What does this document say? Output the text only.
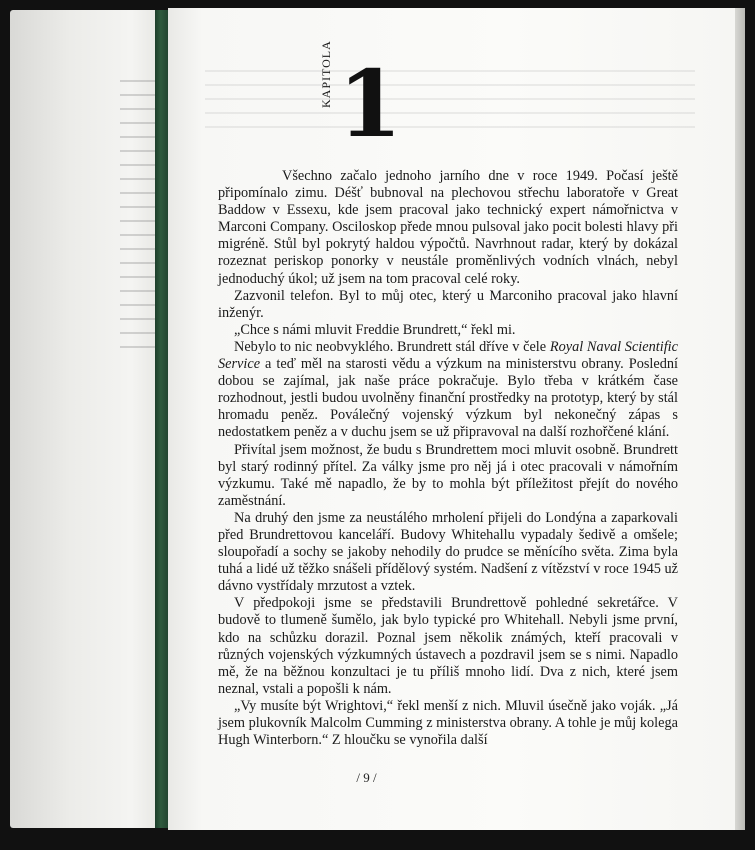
KAPITOLA 1

Všechno začalo jednoho jarního dne v roce 1949. Počasí ještě připomínalo zimu. Déšť bubnoval na plechovou střechu laboratoře v Great Baddow v Essexu, kde jsem pracoval jako technický expert námořnictva v Marconi Company. Osciloskop přede mnou pulsoval jako pocit bolesti hlavy při migréně. Stůl byl pokrytý haldou výpočtů. Navrhnout radar, který by dokázal rozeznat periskop ponorky v neustále proměnlivých vodních vlnách, nebyl jednoduchý úkol; už jsem na tom pracoval celé roky.

Zazvonil telefon. Byl to můj otec, který u Marconiho pracoval jako hlavní inženýr.

„Chce s námi mluvit Freddie Brundrett,“ řekl mi.

Nebylo to nic neobvyklého. Brundrett stál dříve v čele Royal Naval Scientific Service a teď měl na starosti vědu a výzkum na ministerstvu obrany. Poslední dobou se zajímal, jak naše práce pokračuje. Bylo třeba v krátkém čase rozhodnout, jestli budou uvolněny finanční prostředky na prototyp, který by stál hromadu peněz. Poválečný vojenský výzkum byl nekonečný zápas s nedostatkem peněz a v duchu jsem se už připravoval na další rozhořčené klání.

Přivítal jsem možnost, že budu s Brundrettem moci mluvit osobně. Brundrett byl starý rodinný přítel. Za války jsme pro něj já i otec pracovali v námořním výzkumu. Také mě napadlo, že by to mohla být příležitost přejít do nového zaměstnání.

Na druhý den jsme za neustálého mrholení přijeli do Londýna a zaparkovali před Brundrettovou kanceláří. Budovy Whitehallu vypadaly šedivě a omšele; sloupořadí a sochy se jakoby nehodily do prudce se měnícího světa. Zima byla tuhá a lidé už těžko snášeli přídělový systém. Nadšení z vítězství v roce 1945 už dávno vystřídaly mrzutost a vztek.

V předpokoji jsme se představili Brundrettově pohledné sekretářce. V budově to tlumeně šumělo, jak bylo typické pro Whitehall. Nebyli jsme první, kdo na schůzku dorazil. Poznal jsem několik známých, kteří pracovali v různých vojenských výzkumných ústavech a pozdravil jsem se s nimi. Napadlo mě, že na běžnou konzultaci je tu příliš mnoho lidí. Dva z nich, které jsem neznal, vstali a popošli k nám.

„Vy musíte být Wrightovi,“ řekl menší z nich. Mluvil úsečně jako voják. „Já jsem plukovník Malcolm Cumming z ministerstva obrany. A tohle je můj kolega Hugh Winterborn.“ Z hloučku se vynořila další

/ 9 /
